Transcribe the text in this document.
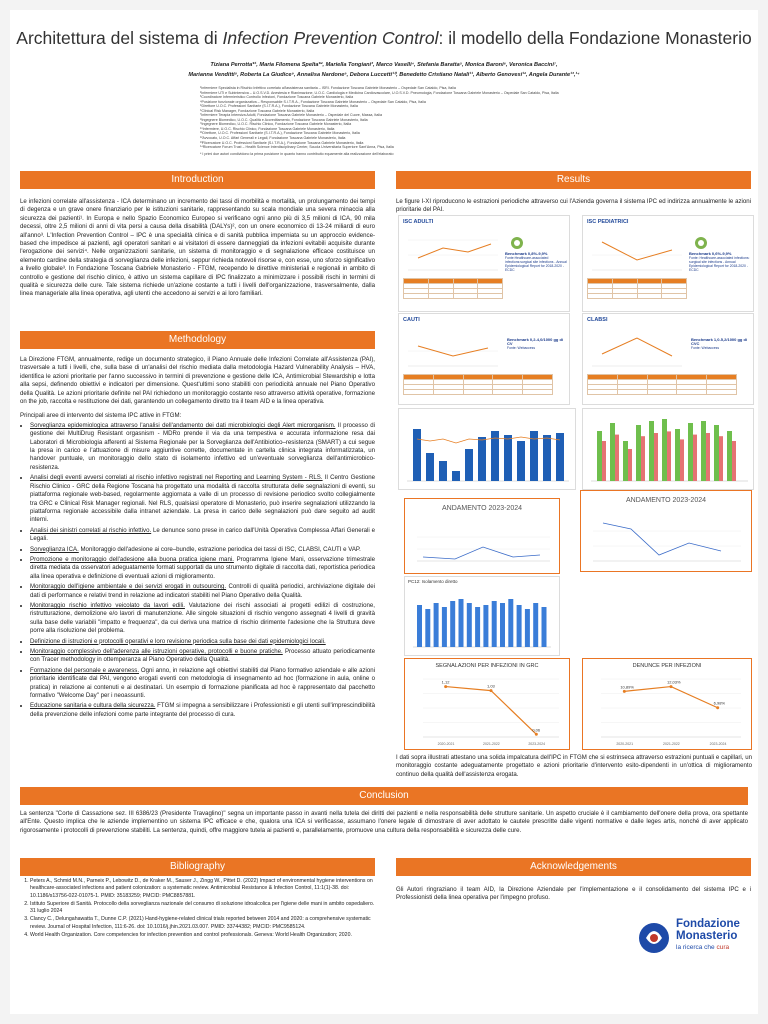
Architettura del sistema di Infection Prevention Control: il modello della Fondazione Monasterio
Tiziana Perrotta*¹, Maria Filomena Spelta*², Mariella Tongiani³, Marco Vaselli⁴, Stefania Baratta⁵, Monica Baroni⁶, Veronica Baccini⁷,
Marianna Venditti⁸, Roberta La Giudice⁹, Annalisa Nardone⁹, Debora Luccetti¹⁰, Benedetto Cristiano Natali¹¹, Alberto Genovesi¹², Angela Durante¹³,¹⁴
¹Infermiere Specialista in Rischio Infettivo correlato all'assistenza sanitaria – ISRI. Fondazione Toscana Gabriele Monasterio – Ospedale San Cataldo, Pisa, Italia
²Infermiere UTI e Subintensiva – U.O.S.V.D. Anestesia e Rianimazione, U.O.C. Cardiologia e Medicina Cardiovascolare, U.O.S.V.D. Pneumologia, Fondazione Toscana Gabriele Monasterio – Ospedale San Cataldo, Pisa, Italia
³Coordinatore Infermieristico Controllo Infezioni, Fondazione Toscana Gabriele Monasterio, Italia
⁴Posizione funzionale organizzativa – Responsabile S.I.T.R.A., Fondazione Toscana Gabriele Monasterio – Ospedale San Cataldo, Pisa, Italia
⁵Direttore U.O.C. Professioni Sanitarie (S.I.T.R.A.), Fondazione Toscana Gabriele Monasterio, Italia
⁶Clinical Risk Manager, Fondazione Toscana Gabriele Monasterio, Italia
⁷Infermiere Terapia Intensiva Adulti, Fondazione Toscana Gabriele Monasterio – Ospedale del Cuore, Massa, Italia
⁸Ingegnere Biomedico, U.O.C. Qualità e Accreditamento, Fondazione Toscana Gabriele Monasterio, Italia
⁹Ingegnere Biomedico, U.O.C. Rischio Clinico, Fondazione Toscana Gabriele Monasterio, Italia
¹⁰Infermiere, U.O.C. Rischio Clinico, Fondazione Toscana Gabriele Monasterio, Italia
¹¹Direttore, U.O.C. Professioni Sanitarie (S.I.T.R.A.), Fondazione Toscana Gabriele Monasterio, Italia
¹²Avvocato, U.O.C. Affari Generali e Legali, Fondazione Toscana Gabriele Monasterio, Italia
¹³Ricercatore U.O.C. Professioni Sanitarie (S.I.T.R.A.), Fondazione Toscana Gabriele Monasterio, Italia
¹⁴Ricercatore Forum Trust – Health Science Interdisciplinary Center, Scuola Universitaria Superiore Sant'Anna, Pisa, Italia
* I primi due autori condividono la prima posizione in quanto hanno contribuito equamente alla realizzazione dell'elaborato
Introduction
Le infezioni correlate all'assistenza - ICA determinano un incremento dei tassi di morbilità e mortalità, un prolungamento dei tempi di degenza e un grave onere finanziario per le istituzioni sanitarie, rappresentando su scala mondiale una severa minaccia alla sicurezza dei pazienti¹. In Europa e nello Spazio Economico Europeo si verificano ogni anno più di 3,5 milioni di ICA, 90 mila decessi, oltre 2,5 milioni di anni di vita persi a causa della disabilità (DALYs)², con un onere economico di 13-24 miliardi di euro all'anno³. L'Infection Prevention Control – IPC è una specialità clinica e di sanità pubblica imperniata su un approccio evidence-based che impedisce ai pazienti, agli operatori sanitari e ai visitatori di essere danneggiati da infezioni evitabili acquisite durante l'erogazione dei servizi⁴. Nelle organizzazioni sanitarie, un sistema di monitoraggio e di segnalazione efficace costituisce un elemento cardine della strategia di sorveglianza delle infezioni, seppur richieda notevoli risorse e, con esse, uno sforzo significativo a livello globale³. In Fondazione Toscana Gabriele Monasterio - FTGM, recependo le direttive ministeriali e regionali in ambito di controllo e gestione del rischio clinico, è attivo un sistema capillare di IPC finalizzato a minimizzare i possibili rischi in termini di qualità e sicurezza delle cure. Tale sistema richiede un'azione costante a tutti i livelli dell'organizzazione, trasversalmente, dalla linea manageriale alla linea operativa, agli utenti che accedono ai servizi e ai loro familiari.
Methodology

La Direzione FTGM, annualmente, redige un documento strategico, il Piano Annuale delle Infezioni Correlate all'Assistenza (PAI), trasversale a tutti i livelli, che, sulla base di un'analisi del rischio mediata dalla metodologia Hazard Vulnerability Analysis – HVA, identifica le azioni prioritarie per l'anno successivo in termini di prevenzione e gestione delle ICA, Antimicrobial Stewardship e lotta alla sepsi, definendo obiettivi e indicatori per dimensione. Quest'ultimi sono stabiliti con periodicità annuale nel Piano Operativo della Qualità. Le azioni prioritarie definite nel PAI richiedono un monitoraggio costante reso attraverso attività operative, formazione on the job, raccolta e restituzione dei dati, garantendo un collegamento diretto tra il team AID e la linea operativa.

Principali aree di intervento del sistema IPC attive in FTGM:

• Sorveglianza epidemiologica attraverso l'analisi dell'andamento dei dati microbiologici degli Alert microrganism. Il processo di gestione dei MultiDrug Resistant orgasnism - MDRo prende il via da una tempestiva e accurata informazione resa dai Laboratori di Microbiologia afferenti al Sistema Regionale per la Sorveglianza dell'Antibiotico–resistenza (SMART) a cui segue la presa in carico e l'attuazione di misure aggiuntive corrette, documentate in cartella clinica integrata informatizzata, un handover puntuale, un monitoraggio dello stato di isolamento infettivo ed un'eventuale sorveglianza dell'antimicrobico-resistenza.
• Analisi degli eventi avversi correlati al rischio infettivo registrati nel Reporting and Learning System - RLS. Il Centro Gestione Rischio Clinico - GRC della Regione Toscana ha progettato una modalità di raccolta strutturata delle segnalazioni di eventi, su piattaforma regionale web-based, regolarmente aggiornata a valle di un processo di revisione periodico svolto collegialmente tra GRC e Clinical Risk Manager regionali. Nel RLS, qualsiasi operatore di Monasterio, può inserire segnalazioni utilizzando la piattaforma regionale accessibile dalla intranet aziendale. La presa in carico delle segnalazioni può dare seguito ad audit interni.
• Analisi dei sinistri correlati al rischio infettivo. Le denunce sono prese in carico dall'Unità Operativa Complessa Affari Generali e Legali.
• Sorveglianza ICA. Monitoraggio dell'adesione ai core–bundle, estrazione periodica dei tassi di ISC, CLABSI, CAUTI e VAP.
• Promozione e monitoraggio dell'adesione alla buona pratica igiene mani. Programma Igiene Mani, osservazione trimestrale diretta mediata da osservatori adeguatamente formati supportati da uno strumento digitale di raccolta dati, reportistica periodica alla linea operativa e definizione di eventuali azioni di miglioramento.
• Monitoraggio dell'igiene ambientale e dei servizi erogati in outsourcing. Controlli di qualità periodici, archiviazione digitale dei dati di performance e relativi trend in relazione ad indicatori stabiliti nel Piano Operativo della Qualità.
• Monitoraggio rischio infettivo veicolato da lavori edili. Valutazione dei rischi associati ai progetti edilizi di costruzione, ristrutturazione, demolizione e/o lavori di manutenzione. Alle singole situazioni di rischio vengono assegnati 4 livelli di gravità sulla base delle variabili "impatto e frequenza", da cui deriva una matrice di rischio dirimente l'adesione che la Struttura deve porre alla risoluzione del problema.
• Definizione di istruzioni e protocolli operativi e loro revisione periodica sulla base dei dati epidemiologici locali.
• Monitoraggio complessivo dell'aderenza alle istruzioni operative, protocolli e buone pratiche. Processo attuato periodicamente con Tracer methodology in ottemperanza al Piano Operativo della Qualità.
• Formazione del personale e awareness. Ogni anno, in relazione agli obiettivi stabiliti dal Piano formativo aziendale e alle azioni prioritarie identificate dal PAI, vengono erogati eventi con metodologia di insegnamento ad hoc (formazione in aula, online o pratica) in relazione ai contenuti e ai destinatari. Un esempio di formazione pianificata ad hoc è rappresentato dal pacchetto formativo "Welcome Day" per i neoassunti.
• Educazione sanitaria e cultura della sicurezza. FTGM si impegna a sensibilizzare i Professionisti e gli utenti sull'imprescindibilità della prevenzione delle infezioni come parte integrante del processo di cura.
Results
Le figure I-XI riproducono le estrazioni periodiche attraverso cui l'Azienda governa il sistema IPC ed indirizza annualmente le azioni prioritarie del PAI.
ISC ADULTI
Benchmark 0,8%-9,9%
Fonte:Healthcare-associated infections:surgical site infections - Annual Epidemiological Report for 2018-2020 - ECDC

ISC PEDIATRICI
Benchmark 0,6%-9,9%
Fonte: Healthcare-associated infections: surgical site infections - Annual Epidemiological Report for 2018-2020 - ECDC

CAUTI
Benchmark 0,2-4,0/1000 gg di CV
Fonte: Webaccess

CLABSI
Benchmark 1,0-5,2/1000 gg di CVC
Fonte: Webaccess

ANDAMENTO 2023-2024
ANDAMENTO 2023-2024
PC12: Isolamento diretto
SEGNALAZIONI PER INFEZIONI IN GRC
1,12
2020-2021
1,03
2021-2022
0,06
2023-2024
DENUNCE PER INFEZIONI
10,89%
2020-2021
12,03%
2021-2022
6,98%
2023-2024
I dati sopra illustrati attestano una solida impalcatura dell'IPC in FTGM che si estrinseca attraverso estrazioni puntuali e capillari, un monitoraggio costante adeguatamente progettato e azioni prioritarie d'intervento esito-dipendenti in un'ottica di miglioramento continuo della qualità dell'assistenza erogata.
Conclusion
La sentenza "Corte di Cassazione sez. III 6386/23 (Presidente Travaglino)" segna un importante passo in avanti nella tutela dei diritti dei pazienti e nella responsabilità delle strutture sanitarie. Un aspetto cruciale è il cambiamento dell'onere della prova, ora spettante all'Ente. Questo implica che le aziende implementino un sistema IPC efficace e che, qualora una ICA si verificasse, assumano l'onere legale di dimostrare di aver adottato le cautele prescritte dalle vigenti normative e dalle leges artis, nonché di aver applicato rigorosamente i protocolli di prevenzione stabiliti. La sentenza, quindi, offre maggiore tutela ai pazienti e, parallelamente, promuove una cultura della responsabilità e sicurezza delle cure.
Bibliography
1. Peters A., Schmid M.N., Parneix P., Lebowitz D., de Kraker M., Sauser J., Zingg W., Pittet D. (2022) Impact of environmental hygiene interventions on healthcare-associated infections and patient colonization: a systematic review. Antimicrobial Resistance & Infection Control, 11:1(1)-38. doi: 10.1186/s13756-022-01075-1. PMID: 35183259; PMCID: PMC8857881.
2. Istituto Superiore di Sanità. Protocollo della sorveglianza nazionale del consumo di soluzione idroalcolica per l'igiene delle mani in ambito ospedaliero. 31 luglio 2024
3. Clancy C., Delungahawatta T., Dunne C.P. (2021) Hand-hygiene-related clinical trials reported between 2014 and 2020: a comprehensive systematic review. Journal of Hospital Infection, 111:6-26. doi: 10.1016/j.jhin.2021.03.007. PMID: 33744382; PMCID: PMC9585124.
4. World Health Organization. Core competencies for infection prevention and control professionals. Geneva: World Health Organization; 2020.
Acknowledgements
Gli Autori ringraziano il team AID, la Direzione Aziendale per l'implementazione e il consolidamento del sistema IPC e i Professionisti della linea operativa per l'impegno profuso.
Fondazione
Monasterio
la ricerca che cura
